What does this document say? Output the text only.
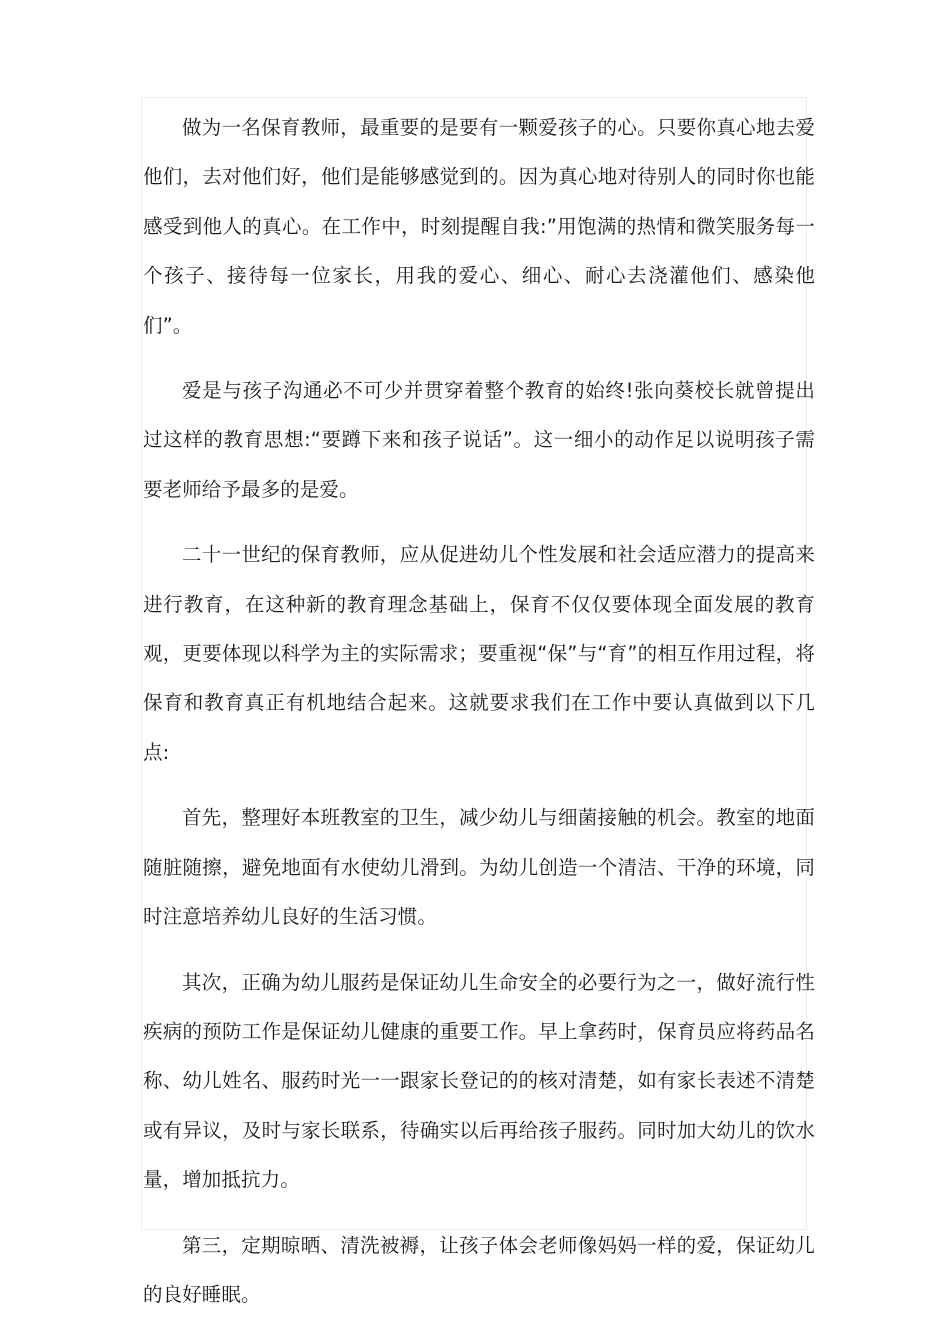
做为一名保育教师，最重要的是要有一颗爱孩子的心。只要你真心地去爱他们，去对他们好，他们是能够感觉到的。因为真心地对待别人的同时你也能感受到他人的真心。在工作中，时刻提醒自我:”用饱满的热情和微笑服务每一个孩子、接待每一位家长，用我的爱心、细心、耐心去浇灌他们、感染他们”。

爱是与孩子沟通必不可少并贯穿着整个教育的始终!张向葵校长就曾提出过这样的教育思想:“要蹲下来和孩子说话”。这一细小的动作足以说明孩子需要老师给予最多的是爱。

二十一世纪的保育教师，应从促进幼儿个性发展和社会适应潜力的提高来进行教育，在这种新的教育理念基础上，保育不仅仅要体现全面发展的教育观，更要体现以科学为主的实际需求；要重视“保”与“育”的相互作用过程，将保育和教育真正有机地结合起来。这就要求我们在工作中要认真做到以下几点:

首先，整理好本班教室的卫生，减少幼儿与细菌接触的机会。教室的地面随脏随擦，避免地面有水使幼儿滑到。为幼儿创造一个清洁、干净的环境，同时注意培养幼儿良好的生活习惯。

其次，正确为幼儿服药是保证幼儿生命安全的必要行为之一，做好流行性疾病的预防工作是保证幼儿健康的重要工作。早上拿药时，保育员应将药品名称、幼儿姓名、服药时光一一跟家长登记的的核对清楚，如有家长表述不清楚或有异议，及时与家长联系，待确实以后再给孩子服药。同时加大幼儿的饮水量，增加抵抗力。

第三，定期晾晒、清洗被褥，让孩子体会老师像妈妈一样的爱，保证幼儿的良好睡眠。
